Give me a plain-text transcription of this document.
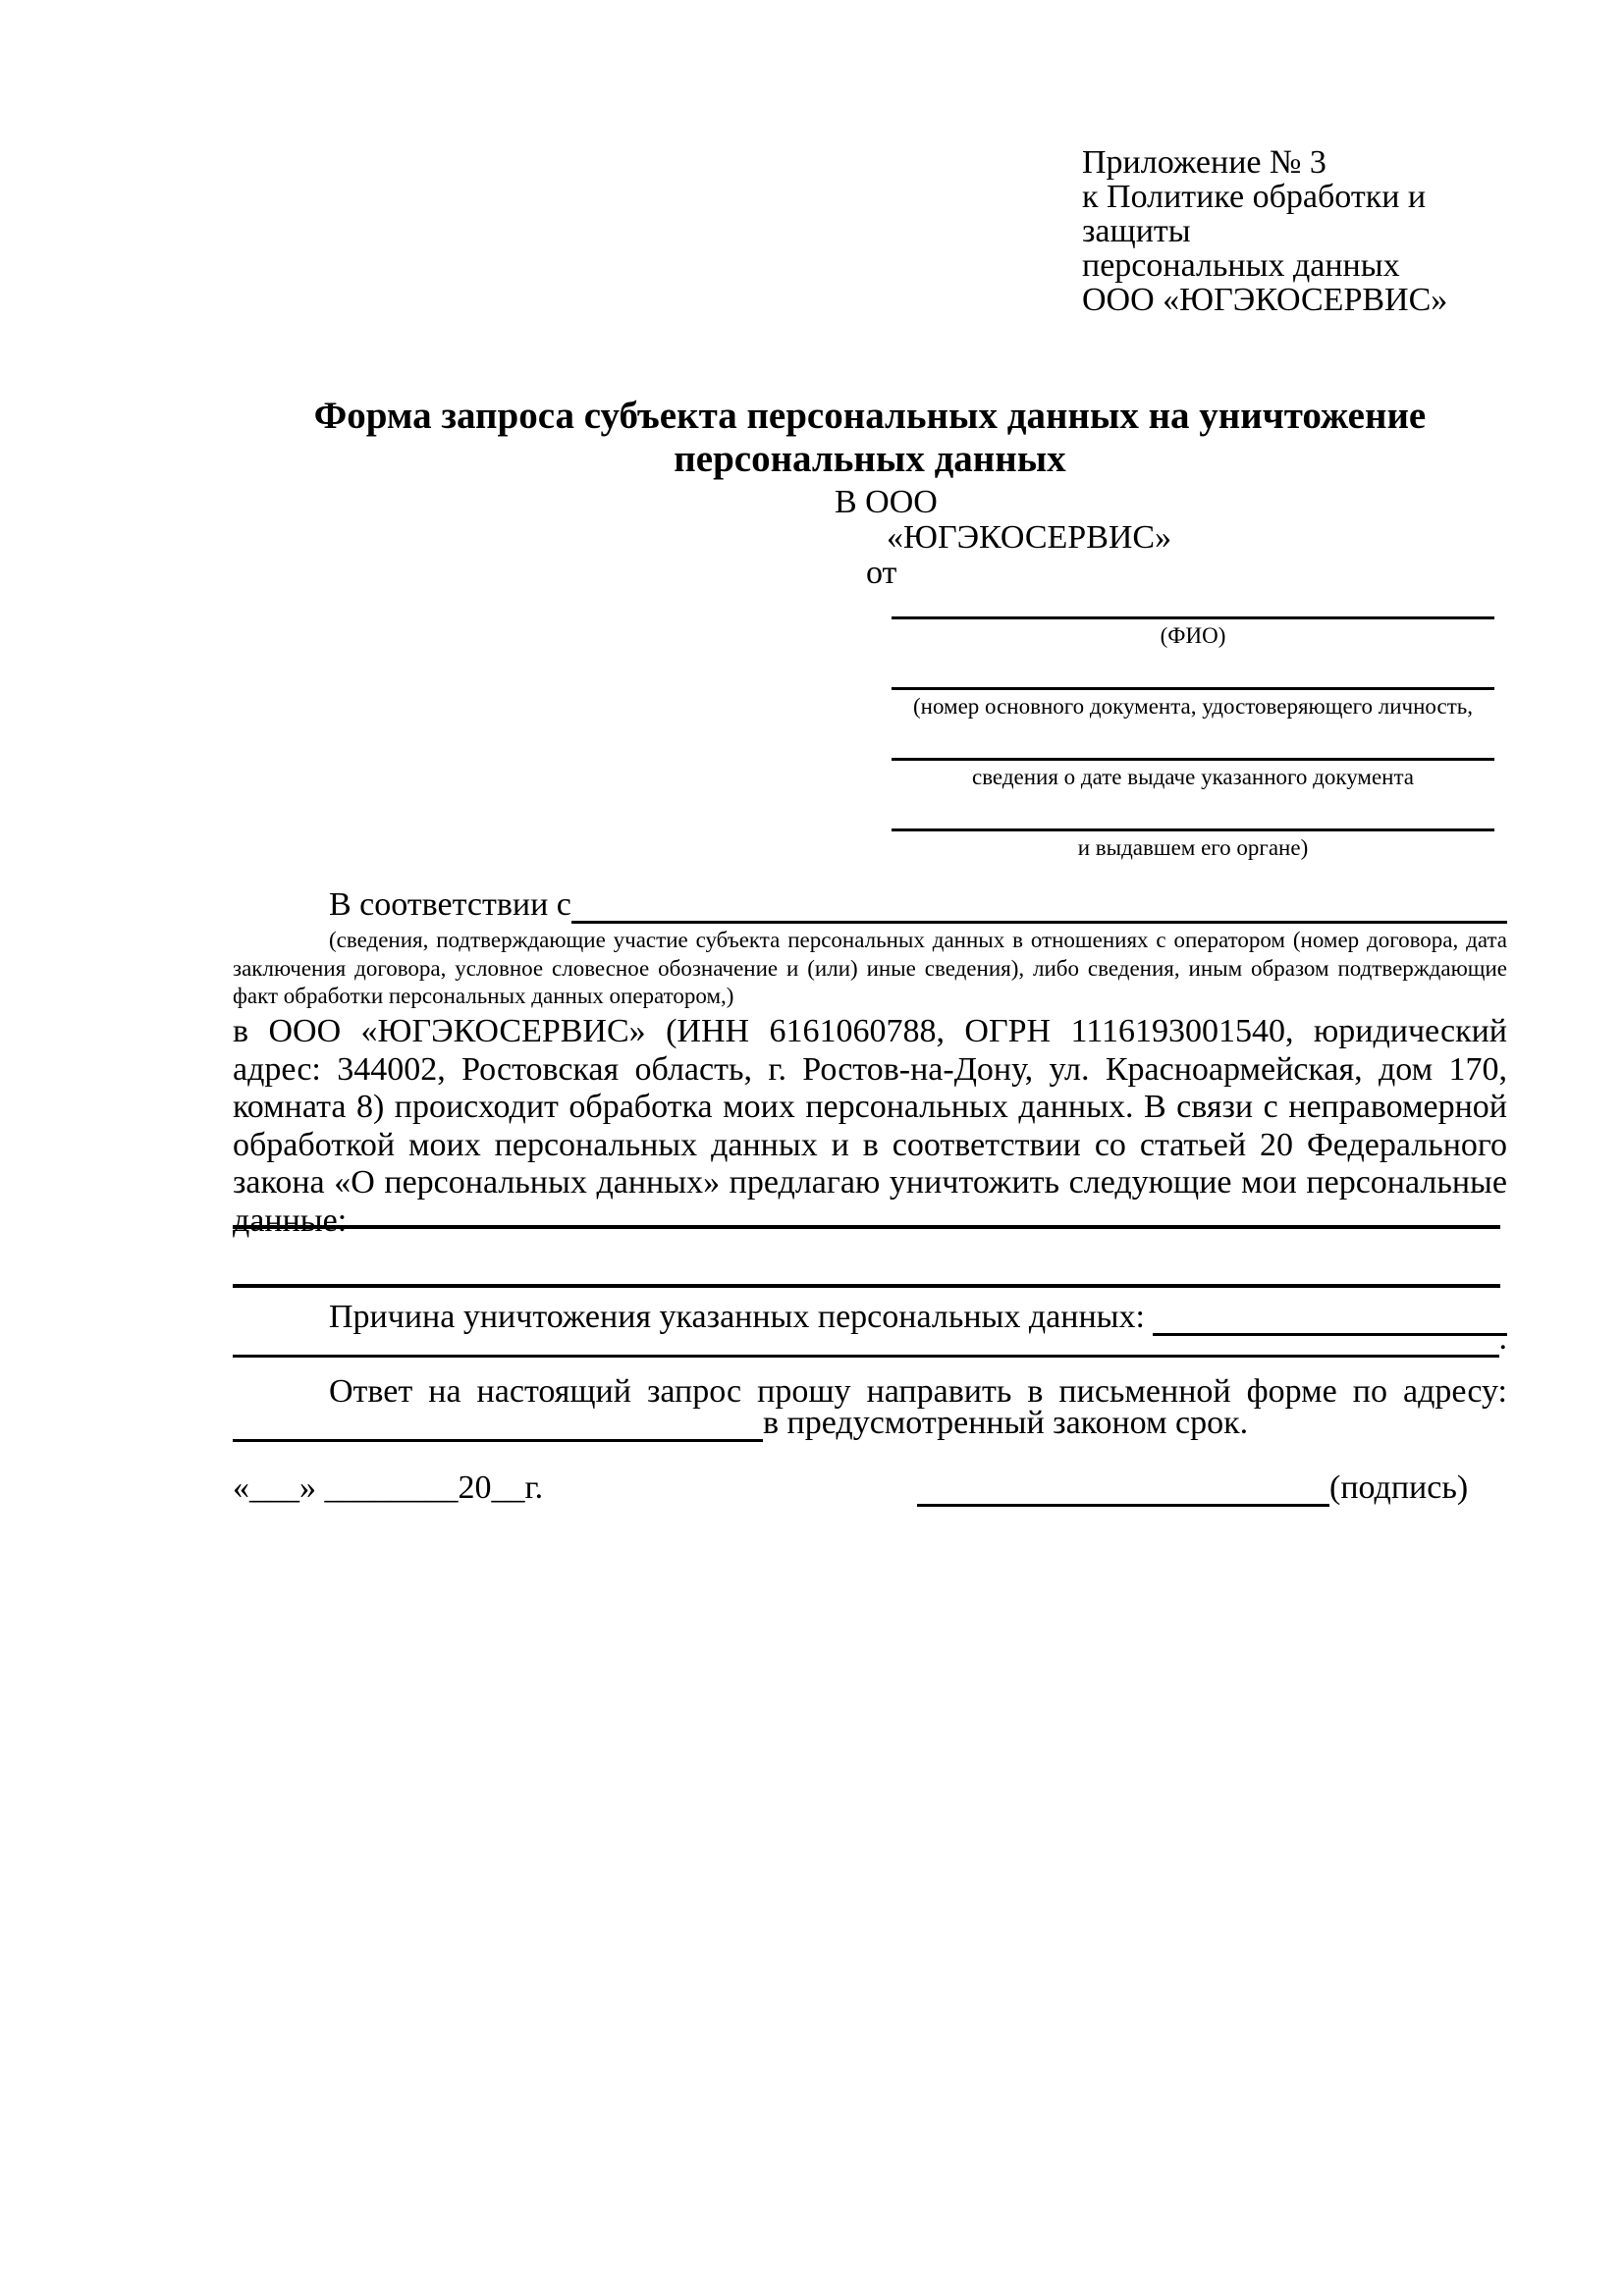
Приложение № 3
к Политике обработки и защиты
персональных данных
ООО «ЮГЭКОСЕРВИС»
Форма запроса субъекта персональных данных на уничтожение персональных данных
В ООО
«ЮГЭКОСЕРВИС»
от
(ФИО)
(номер основного документа, удостоверяющего личность,
сведения о дате выдаче указанного документа
и выдавшем его органе)
В соответствии с
(сведения, подтверждающие участие субъекта персональных данных в отношениях с оператором (номер договора, дата заключения договора, условное словесное обозначение и (или) иные сведения), либо сведения, иным образом подтверждающие факт обработки персональных данных оператором,)
в ООО «ЮГЭКОСЕРВИС» (ИНН 6161060788, ОГРН 1116193001540, юридический адрес: 344002, Ростовская область, г. Ростов-на-Дону, ул. Красноармейская, дом 170, комната 8) происходит обработка моих персональных данных. В связи с неправомерной обработкой моих персональных данных и в соответствии со статьей 20 Федерального закона «О персональных данных» предлагаю уничтожить следующие мои персональные данные:
Причина уничтожения указанных персональных данных:
.
Ответ на настоящий запрос прошу направить в письменной форме по адресу:
в предусмотренный законом срок.
«___» ________20__г.	(подпись)
